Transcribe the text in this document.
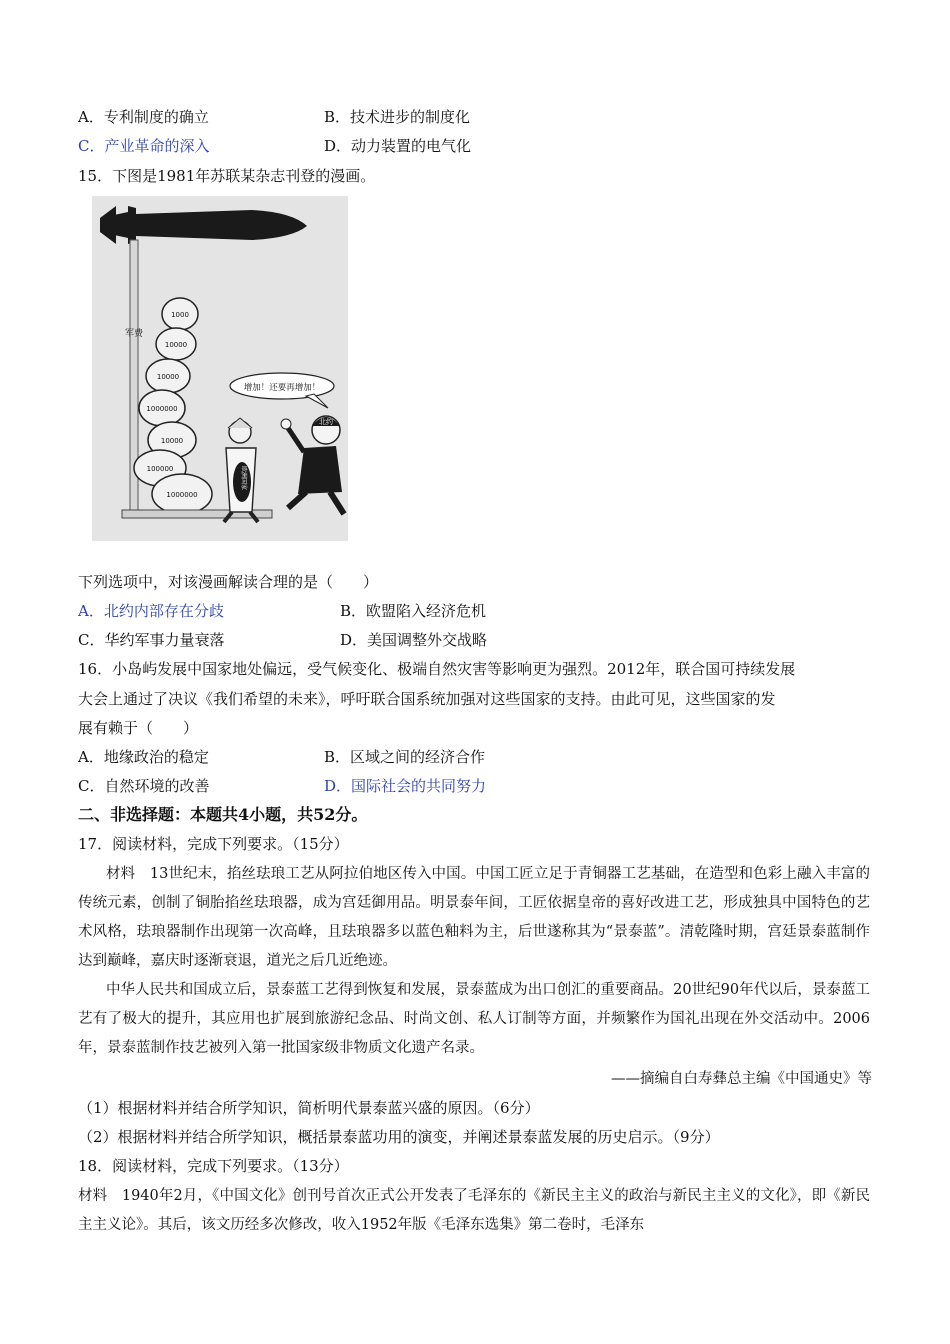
A．专利制度的确立	B．技术进步的制度化
C．产业革命的深入	D．动力装置的电气化
15．下图是1981年苏联某杂志刊登的漫画。
军费
1000
10000
10000
1000000
10000
100000
1000000
增加！还要再增加！
北约
欧洲国家
下列选项中，对该漫画解读合理的是（　　）
A．北约内部存在分歧	B．欧盟陷入经济危机
C．华约军事力量衰落	D．美国调整外交战略
16．小岛屿发展中国家地处偏远，受气候变化、极端自然灾害等影响更为强烈。2012年，联合国可持续发展
大会上通过了决议《我们希望的未来》，呼吁联合国系统加强对这些国家的支持。由此可见，这些国家的发
展有赖于（　　）
A．地缘政治的稳定	B．区域之间的经济合作
C．自然环境的改善	D．国际社会的共同努力
二、非选择题：本题共4小题，共52分。
17．阅读材料，完成下列要求。（15分）
材料　13世纪末，掐丝珐琅工艺从阿拉伯地区传入中国。中国工匠立足于青铜器工艺基础，在造型和色彩上融入丰富的传统元素，创制了铜胎掐丝珐琅器，成为宫廷御用品。明景泰年间，工匠依据皇帝的喜好改进工艺，形成独具中国特色的艺术风格，珐琅器制作出现第一次高峰，且珐琅器多以蓝色釉料为主，后世遂称其为“景泰蓝”。清乾隆时期，宫廷景泰蓝制作达到巅峰，嘉庆时逐渐衰退，道光之后几近绝迹。
中华人民共和国成立后，景泰蓝工艺得到恢复和发展，景泰蓝成为出口创汇的重要商品。20世纪90年代以后，景泰蓝工艺有了极大的提升，其应用也扩展到旅游纪念品、时尚文创、私人订制等方面，并频繁作为国礼出现在外交活动中。2006年，景泰蓝制作技艺被列入第一批国家级非物质文化遗产名录。
——摘编自白寿彝总主编《中国通史》等
（1）根据材料并结合所学知识，简析明代景泰蓝兴盛的原因。（6分）
（2）根据材料并结合所学知识，概括景泰蓝功用的演变，并阐述景泰蓝发展的历史启示。（9分）
18．阅读材料，完成下列要求。（13分）
材料　1940年2月，《中国文化》创刊号首次正式公开发表了毛泽东的《新民主主义的政治与新民主主义的文化》，即《新民主主义论》。其后，该文历经多次修改，收入1952年版《毛泽东选集》第二卷时，毛泽东
